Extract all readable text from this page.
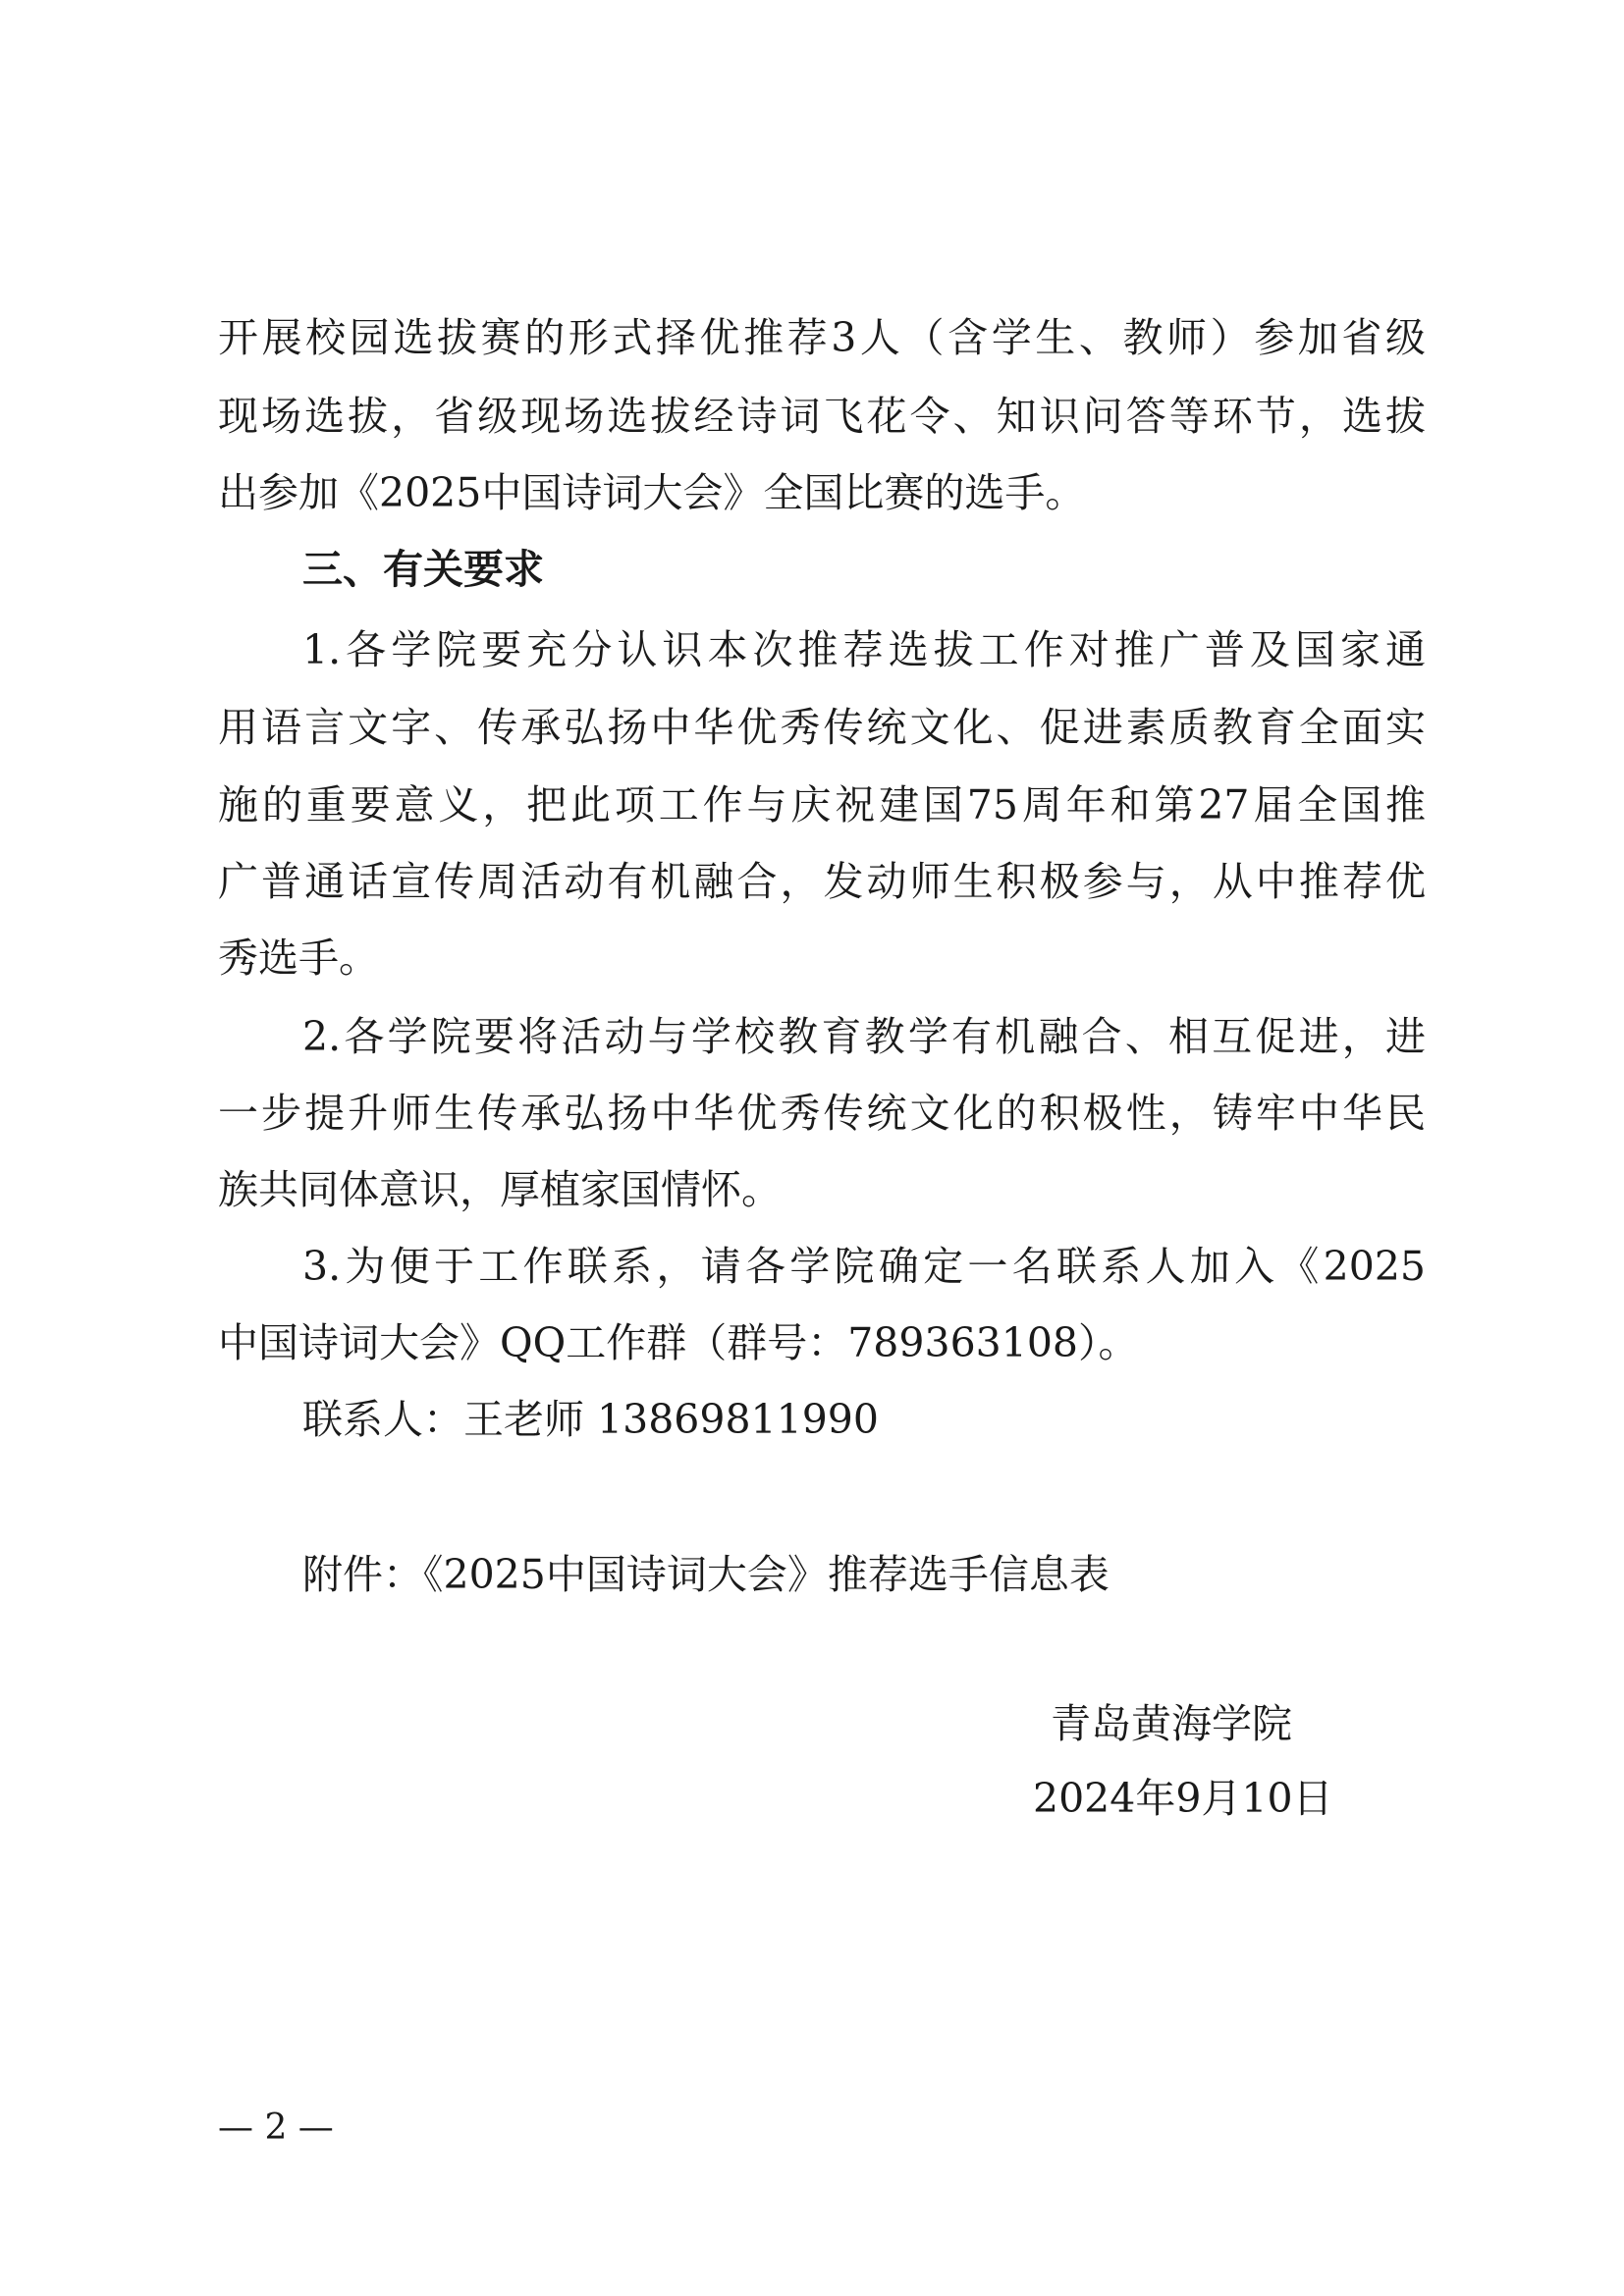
开展校园选拔赛的形式择优推荐3人（含学生、教师）参加省级
现场选拔，省级现场选拔经诗词飞花令、知识问答等环节，选拔
出参加《2025中国诗词大会》全国比赛的选手。
三、有关要求
1.各学院要充分认识本次推荐选拔工作对推广普及国家通
用语言文字、传承弘扬中华优秀传统文化、促进素质教育全面实
施的重要意义，把此项工作与庆祝建国75周年和第27届全国推
广普通话宣传周活动有机融合，发动师生积极参与，从中推荐优
秀选手。
2.各学院要将活动与学校教育教学有机融合、相互促进，进
一步提升师生传承弘扬中华优秀传统文化的积极性，铸牢中华民
族共同体意识，厚植家国情怀。
3.为便于工作联系，请各学院确定一名联系人加入《2025
中国诗词大会》QQ工作群（群号：789363108）。
联系人：王老师 13869811990
附件：《2025中国诗词大会》推荐选手信息表
青岛黄海学院
2024年9月10日
— 2 —
